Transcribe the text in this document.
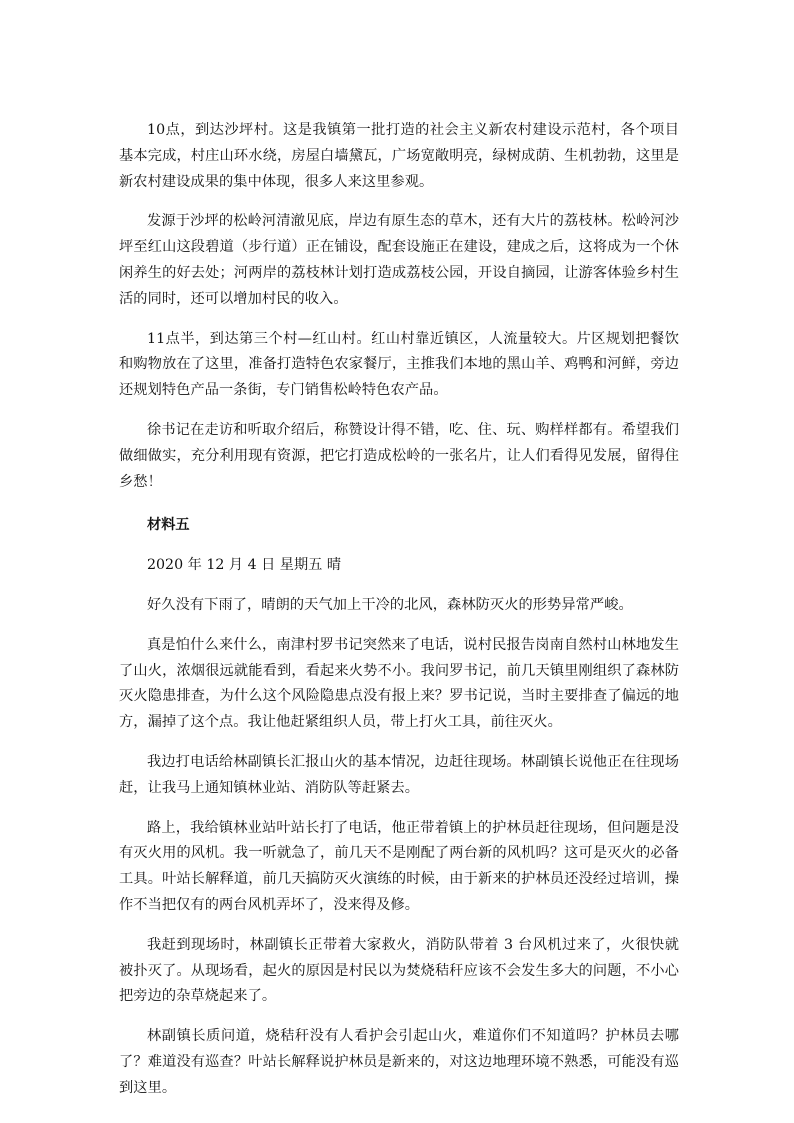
10点，到达沙坪村。这是我镇第一批打造的社会主义新农村建设示范村，各个项目基本完成，村庄山环水绕，房屋白墙黛瓦，广场宽敞明亮，绿树成荫、生机勃勃，这里是新农村建设成果的集中体现，很多人来这里参观。

发源于沙坪的松岭河清澈见底，岸边有原生态的草木，还有大片的荔枝林。松岭河沙坪至红山这段碧道（步行道）正在铺设，配套设施正在建设，建成之后，这将成为一个休闲养生的好去处；河两岸的荔枝林计划打造成荔枝公园，开设自摘园，让游客体验乡村生活的同时，还可以增加村民的收入。

11点半，到达第三个村—红山村。红山村靠近镇区，人流量较大。片区规划把餐饮和购物放在了这里，准备打造特色农家餐厅，主推我们本地的黑山羊、鸡鸭和河鲜，旁边还规划特色产品一条街，专门销售松岭特色农产品。

徐书记在走访和听取介绍后，称赞设计得不错，吃、住、玩、购样样都有。希望我们做细做实，充分利用现有资源，把它打造成松岭的一张名片，让人们看得见发展，留得住乡愁！

材料五

2020 年 12 月 4 日 星期五 晴

好久没有下雨了，晴朗的天气加上干冷的北风，森林防灭火的形势异常严峻。

真是怕什么来什么，南津村罗书记突然来了电话，说村民报告岗南自然村山林地发生了山火，浓烟很远就能看到，看起来火势不小。我问罗书记，前几天镇里刚组织了森林防灭火隐患排查，为什么这个风险隐患点没有报上来？罗书记说，当时主要排查了偏远的地方，漏掉了这个点。我让他赶紧组织人员，带上打火工具，前往灭火。

我边打电话给林副镇长汇报山火的基本情况，边赶往现场。林副镇长说他正在往现场赶，让我马上通知镇林业站、消防队等赶紧去。

路上，我给镇林业站叶站长打了电话，他正带着镇上的护林员赶往现场，但问题是没有灭火用的风机。我一听就急了，前几天不是刚配了两台新的风机吗？这可是灭火的必备工具。叶站长解释道，前几天搞防灭火演练的时候，由于新来的护林员还没经过培训，操作不当把仅有的两台风机弄坏了，没来得及修。

我赶到现场时，林副镇长正带着大家救火，消防队带着 3 台风机过来了，火很快就被扑灭了。从现场看，起火的原因是村民以为焚烧秸秆应该不会发生多大的问题，不小心把旁边的杂草烧起来了。

林副镇长质问道，烧秸秆没有人看护会引起山火，难道你们不知道吗？护林员去哪了？难道没有巡查？叶站长解释说护林员是新来的，对这边地理环境不熟悉，可能没有巡到这里。
